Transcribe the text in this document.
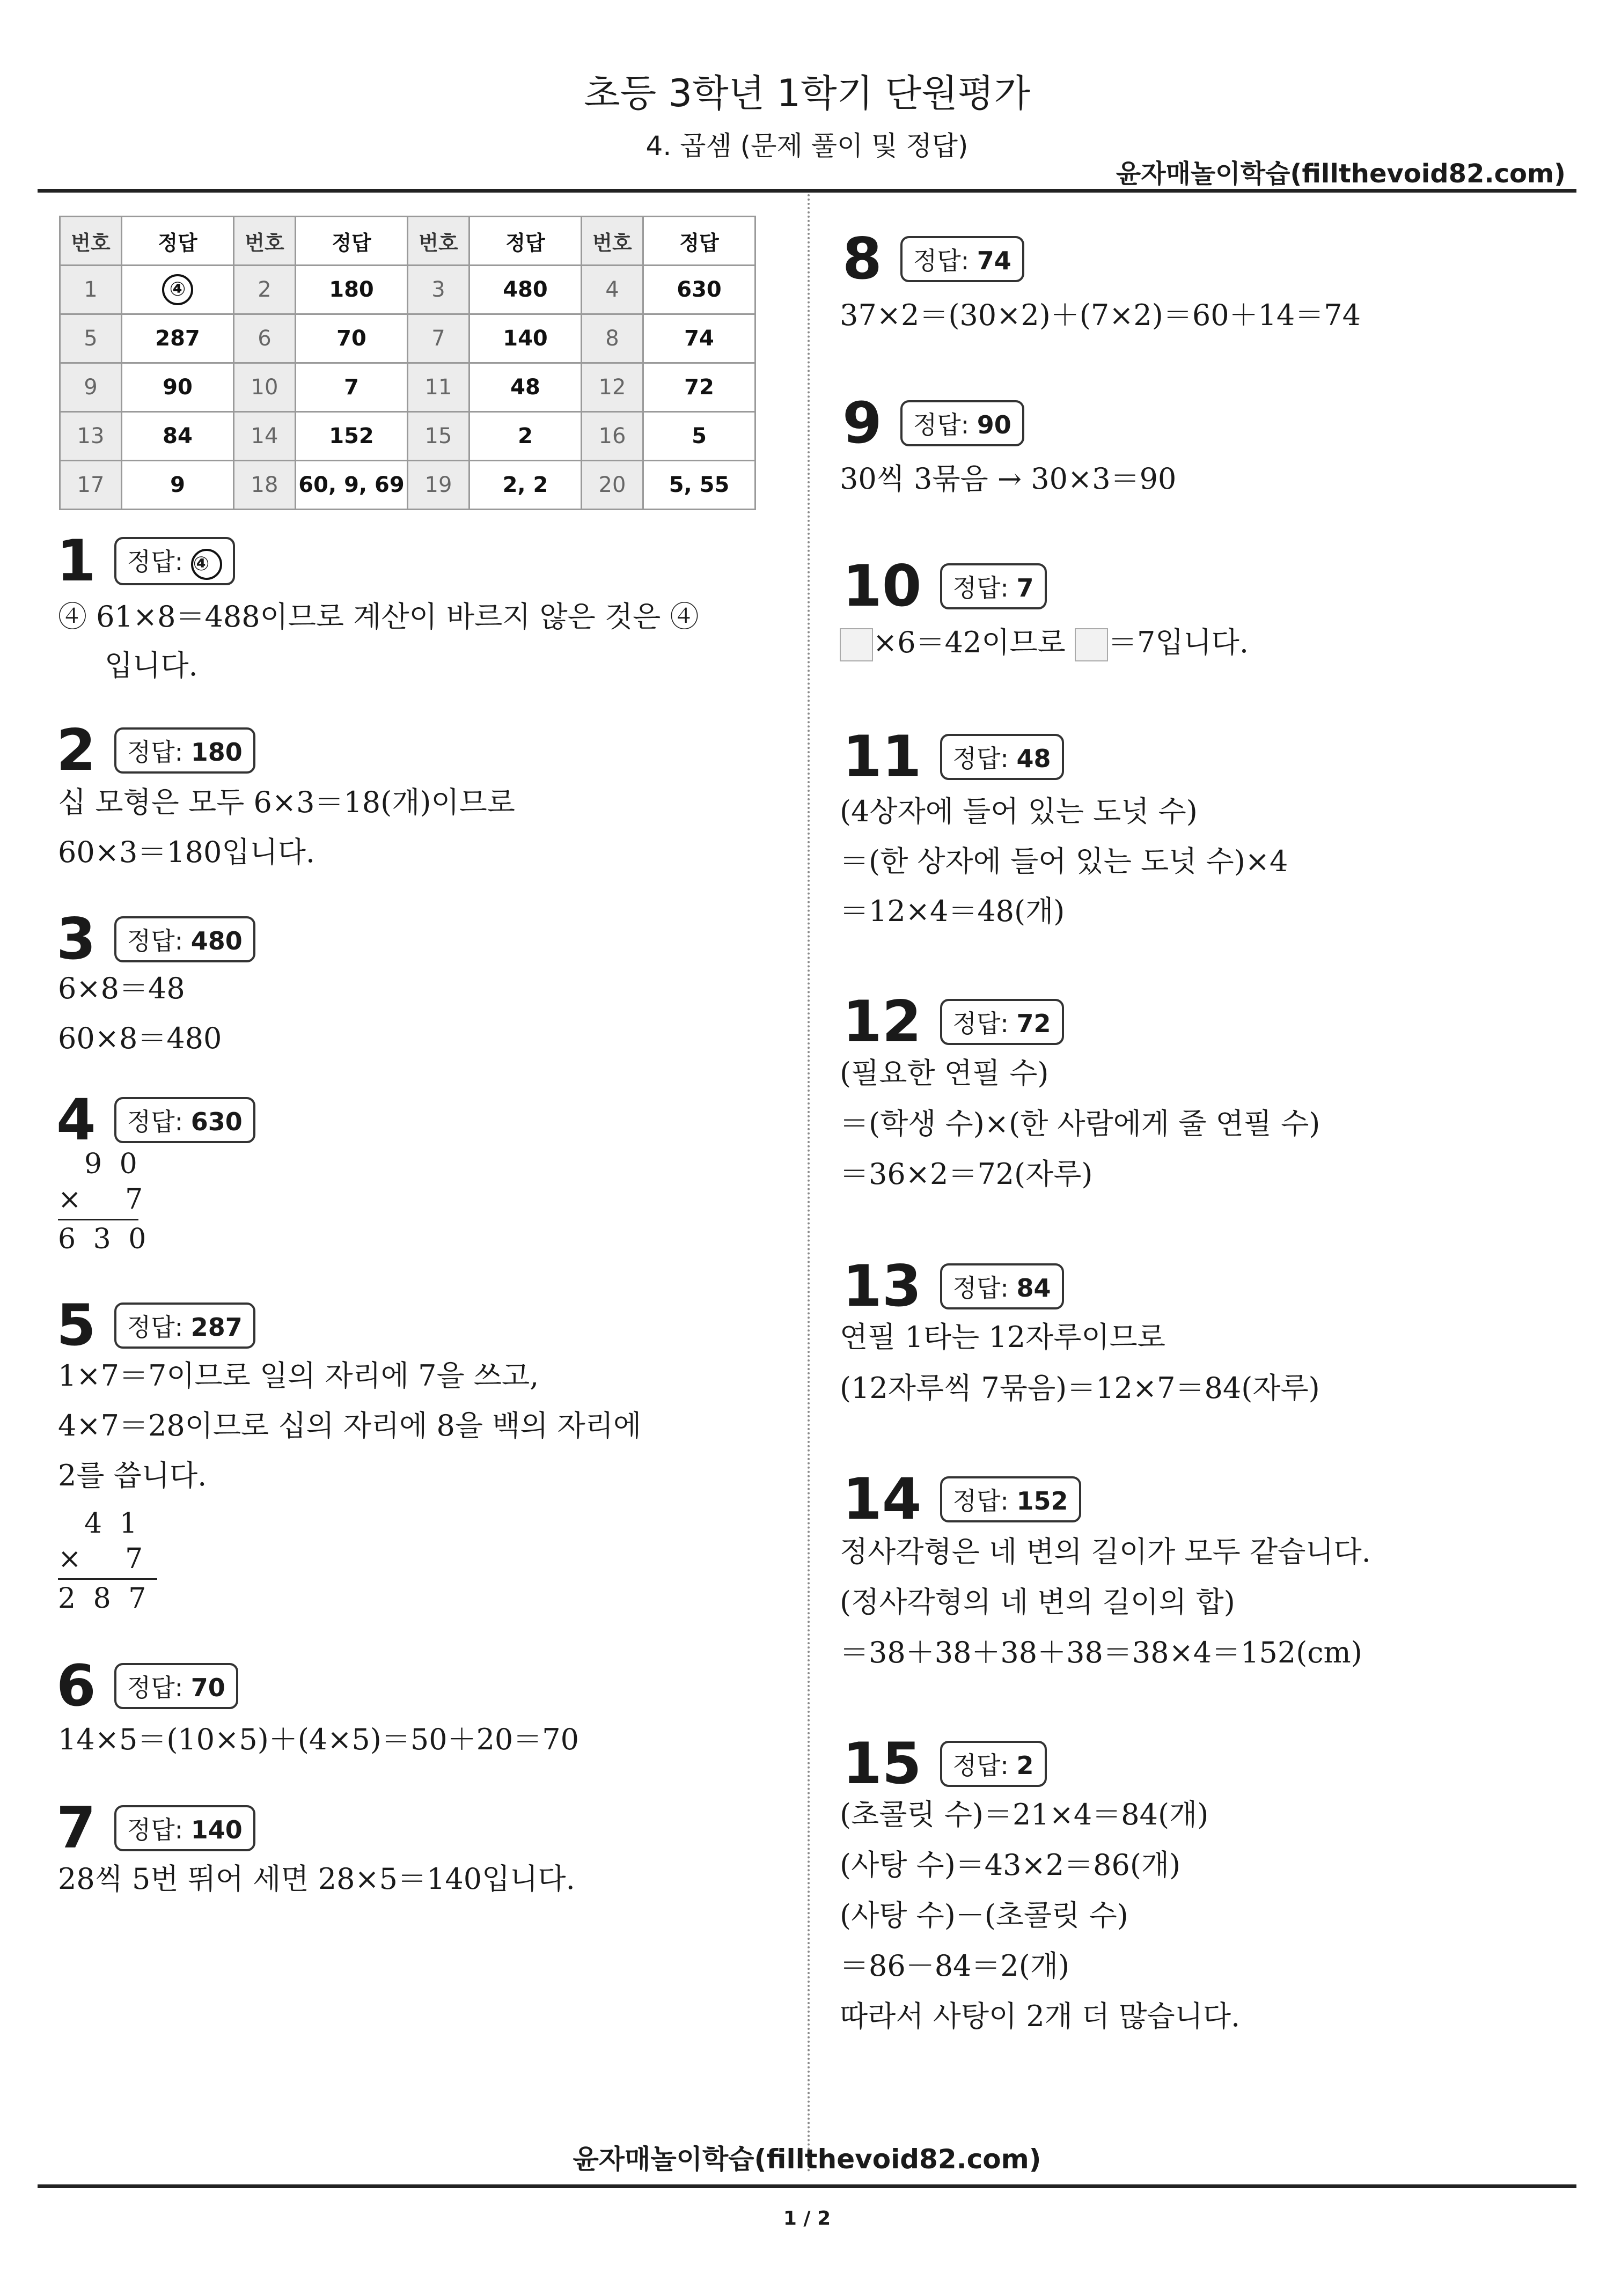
초등 3학년 1학기 단원평가
4. 곱셈 (문제 풀이 및 정답)
윤자매놀이학습(fillthevoid82.com)
번호	정답	번호	정답	번호	정답	번호	정답
1	④	2	180	3	480	4	630
5	287	6	70	7	140	8	74
9	90	10	7	11	48	12	72
13	84	14	152	15	2	16	5
17	9	18	60, 9, 69	19	2, 2	20	5, 55
1 정답: ④
④ 61×8＝488이므로 계산이 바르지 않은 것은 ④
입니다.
2 정답: 180
십 모형은 모두 6×3＝18(개)이므로
60×3＝180입니다.
3 정답: 480
6×8＝48
60×8＝480
4 정답: 630
9 0
×   7
6 3 0
5 정답: 287
1×7＝7이므로 일의 자리에 7을 쓰고,
4×7＝28이므로 십의 자리에 8을 백의 자리에
2를 씁니다.
4 1
×   7
2 8 7
6 정답: 70
14×5＝(10×5)＋(4×5)＝50＋20＝70
7 정답: 140
28씩 5번 뛰어 세면 28×5＝140입니다.
8 정답: 74
37×2＝(30×2)＋(7×2)＝60＋14＝74
9 정답: 90
30씩 3묶음 → 30×3＝90
10 정답: 7
×6＝42이므로 ＝7입니다.
11 정답: 48
(4상자에 들어 있는 도넛 수)
＝(한 상자에 들어 있는 도넛 수)×4
＝12×4＝48(개)
12 정답: 72
(필요한 연필 수)
＝(학생 수)×(한 사람에게 줄 연필 수)
＝36×2＝72(자루)
13 정답: 84
연필 1타는 12자루이므로
(12자루씩 7묶음)＝12×7＝84(자루)
14 정답: 152
정사각형은 네 변의 길이가 모두 같습니다.
(정사각형의 네 변의 길이의 합)
＝38＋38＋38＋38＝38×4＝152(cm)
15 정답: 2
(초콜릿 수)＝21×4＝84(개)
(사탕 수)＝43×2＝86(개)
(사탕 수)－(초콜릿 수)
＝86－84＝2(개)
따라서 사탕이 2개 더 많습니다.
윤자매놀이학습(fillthevoid82.com)
1 / 2
